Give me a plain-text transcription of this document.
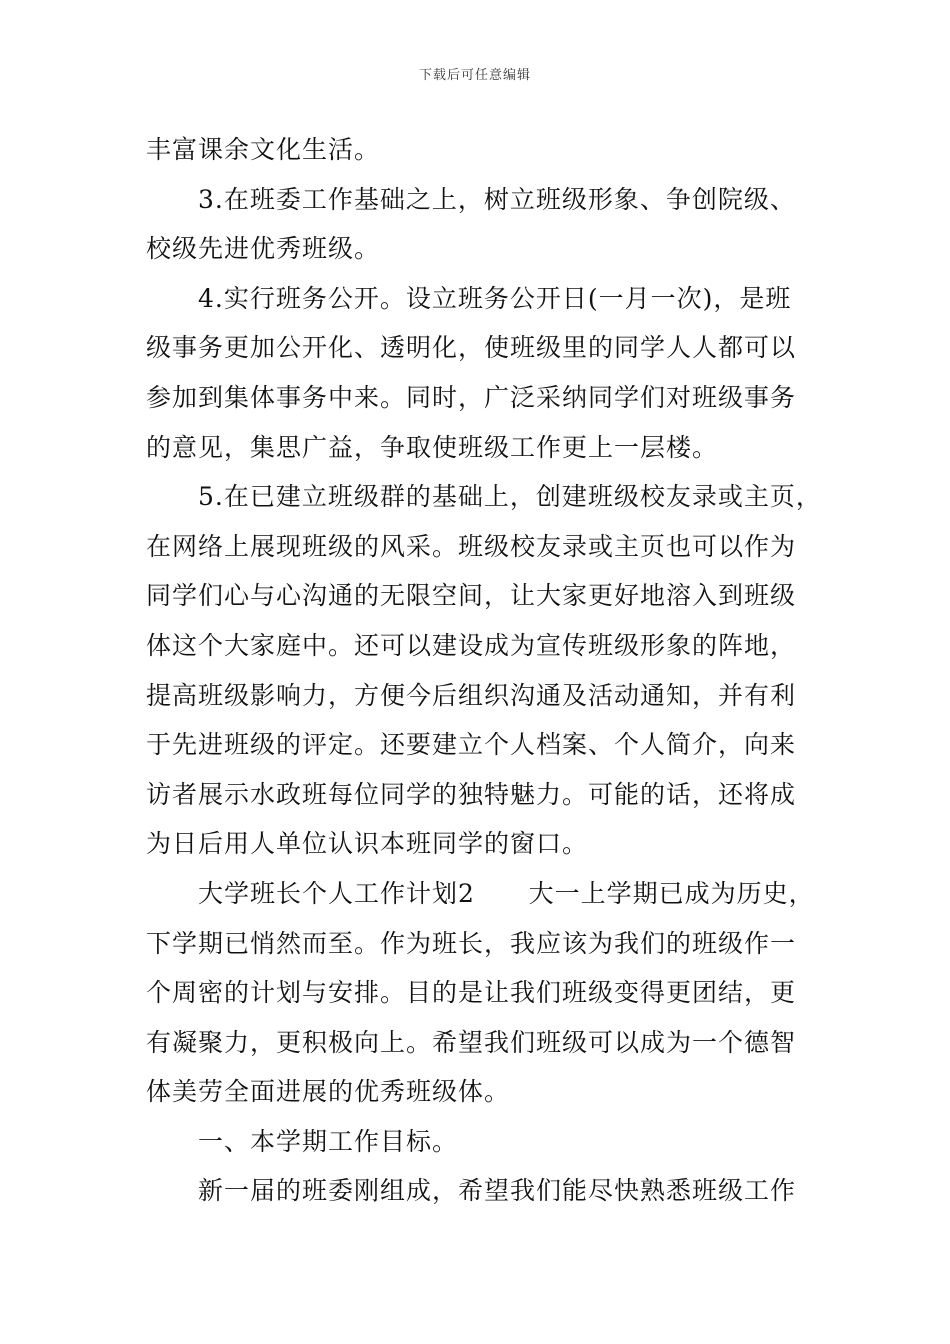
下载后可任意编辑
丰富课余文化生活。
3.在班委工作基础之上，树立班级形象、争创院级、
校级先进优秀班级。
4.实行班务公开。设立班务公开日(一月一次)，是班
级事务更加公开化、透明化，使班级里的同学人人都可以
参加到集体事务中来。同时，广泛采纳同学们对班级事务
的意见，集思广益，争取使班级工作更上一层楼。
5.在已建立班级群的基础上，创建班级校友录或主页，
在网络上展现班级的风采。班级校友录或主页也可以作为
同学们心与心沟通的无限空间，让大家更好地溶入到班级
体这个大家庭中。还可以建设成为宣传班级形象的阵地，
提高班级影响力，方便今后组织沟通及活动通知，并有利
于先进班级的评定。还要建立个人档案、个人简介，向来
访者展示水政班每位同学的独特魅力。可能的话，还将成
为日后用人单位认识本班同学的窗口。
大学班长个人工作计划2      大一上学期已成为历史，
下学期已悄然而至。作为班长，我应该为我们的班级作一
个周密的计划与安排。目的是让我们班级变得更团结，更
有凝聚力，更积极向上。希望我们班级可以成为一个德智
体美劳全面进展的优秀班级体。
一、本学期工作目标。
新一届的班委刚组成，希望我们能尽快熟悉班级工作
